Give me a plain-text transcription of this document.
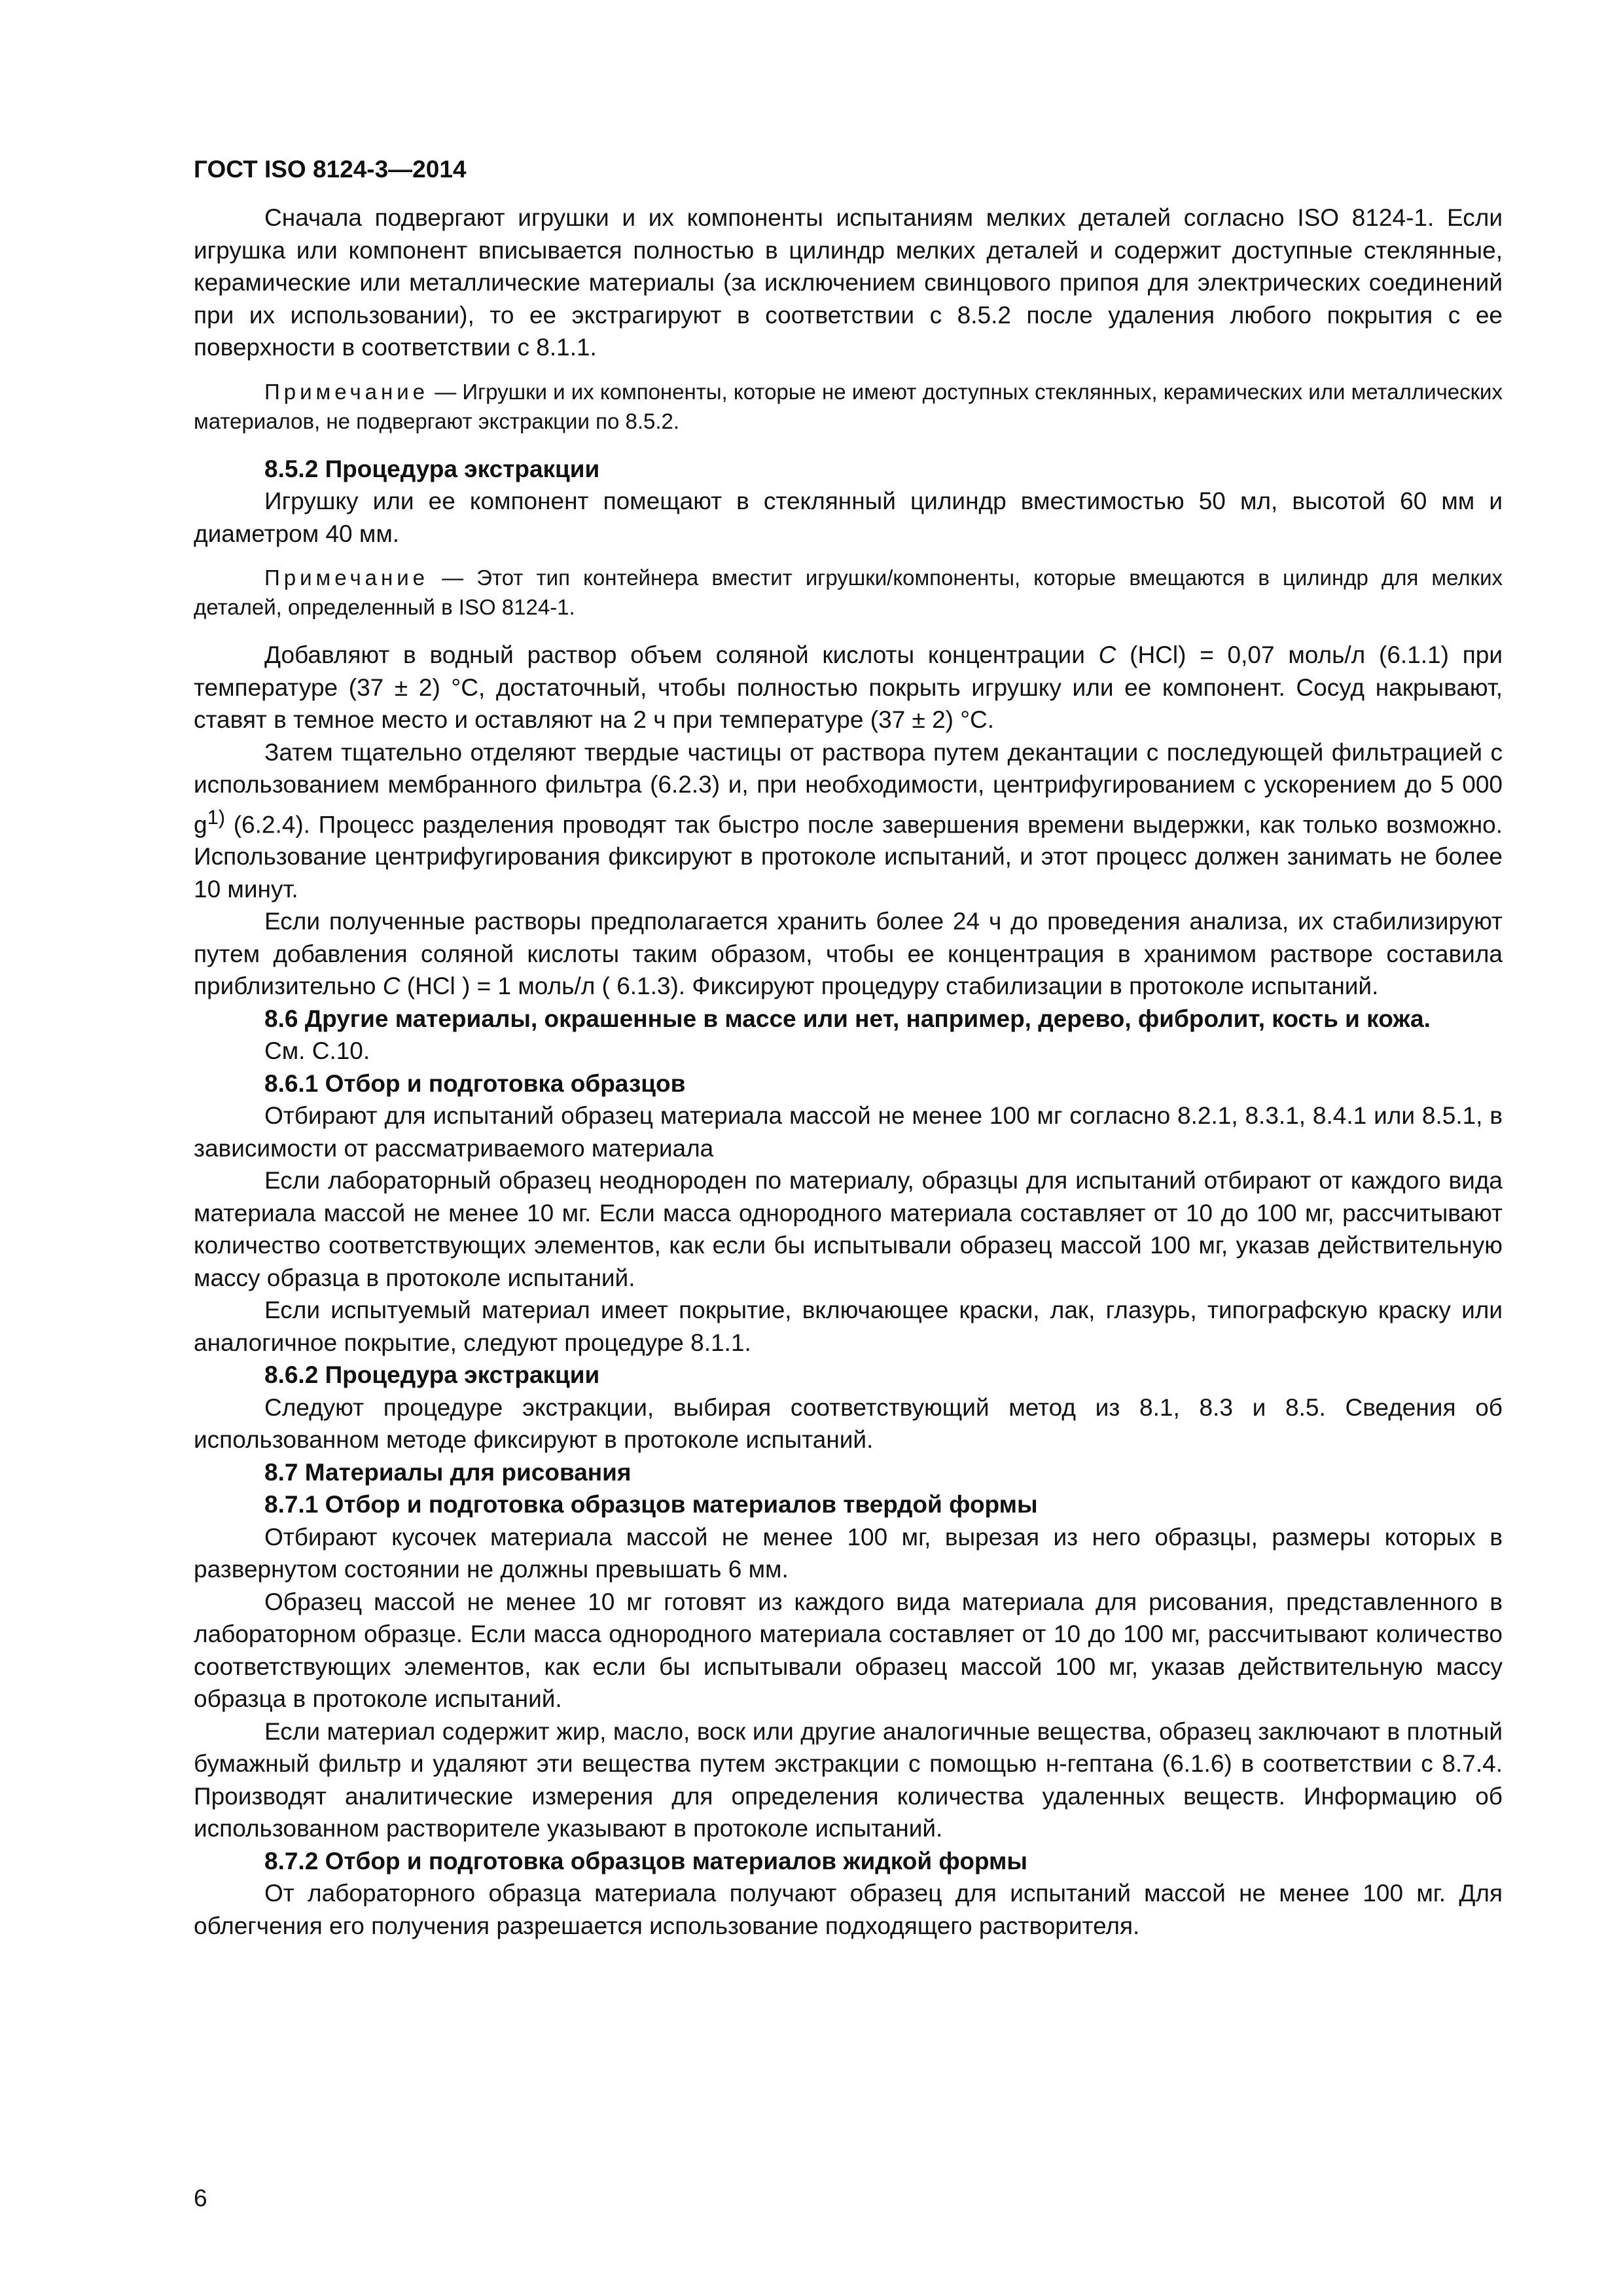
ГОСТ ISO 8124-3—2014

Сначала подвергают игрушки и их компоненты испытаниям мелких деталей согласно ISO 8124-1. Если игрушка или компонент вписывается полностью в цилиндр мелких деталей и содержит доступные стеклянные, керамические или металлические материалы (за исключением свинцового припоя для электрических соединений при их использовании), то ее экстрагируют в соответствии с 8.5.2 после удаления любого покрытия с ее поверхности в соответствии с 8.1.1.

Примечание — Игрушки и их компоненты, которые не имеют доступных стеклянных, керамических или металлических материалов, не подвергают экстракции по 8.5.2.

8.5.2 Процедура экстракции

Игрушку или ее компонент помещают в стеклянный цилиндр вместимостью 50 мл, высотой 60 мм и диаметром 40 мм.

Примечание — Этот тип контейнера вместит игрушки/компоненты, которые вмещаются в цилиндр для мелких деталей, определенный в ISO 8124-1.

Добавляют в водный раствор объем соляной кислоты концентрации C (HCl) = 0,07 моль/л (6.1.1) при температуре (37 ± 2) °С, достаточный, чтобы полностью покрыть игрушку или ее компонент. Сосуд накрывают, ставят в темное место и оставляют на 2 ч при температуре (37 ± 2) °С.

Затем тщательно отделяют твердые частицы от раствора путем декантации с последующей фильтрацией с использованием мембранного фильтра (6.2.3) и, при необходимости, центрифугированием с ускорением до 5 000 $g^{1)}$ (6.2.4). Процесс разделения проводят так быстро после завершения времени выдержки, как только возможно. Использование центрифугирования фиксируют в протоколе испытаний, и этот процесс должен занимать не более 10 минут.

Если полученные растворы предполагается хранить более 24 ч до проведения анализа, их стабилизируют путем добавления соляной кислоты таким образом, чтобы ее концентрация в хранимом растворе составила приблизительно C (HCl ) = 1 моль/л ( 6.1.3). Фиксируют процедуру стабилизации в протоколе испытаний.

8.6 Другие материалы, окрашенные в массе или нет, например, дерево, фибролит, кость и кожа.

См. С.10.

8.6.1 Отбор и подготовка образцов

Отбирают для испытаний образец материала массой не менее 100 мг согласно 8.2.1, 8.3.1, 8.4.1 или 8.5.1, в зависимости от рассматриваемого материала

Если лабораторный образец неоднороден по материалу, образцы для испытаний отбирают от каждого вида материала массой не менее 10 мг. Если масса однородного материала составляет от 10 до 100 мг, рассчитывают количество соответствующих элементов, как если бы испытывали образец массой 100 мг, указав действительную массу образца в протоколе испытаний.

Если испытуемый материал имеет покрытие, включающее краски, лак, глазурь, типографскую краску или аналогичное покрытие, следуют процедуре 8.1.1.

8.6.2 Процедура экстракции

Следуют процедуре экстракции, выбирая соответствующий метод из 8.1, 8.3 и 8.5. Сведения об использованном методе фиксируют в протоколе испытаний.

8.7 Материалы для рисования

8.7.1 Отбор и подготовка образцов материалов твердой формы

Отбирают кусочек материала массой не менее 100 мг, вырезая из него образцы, размеры которых в развернутом состоянии не должны превышать 6 мм.

Образец массой не менее 10 мг готовят из каждого вида материала для рисования, представленного в лабораторном образце. Если масса однородного материала составляет от 10 до 100 мг, рассчитывают количество соответствующих элементов, как если бы испытывали образец массой 100 мг, указав действительную массу образца в протоколе испытаний.

Если материал содержит жир, масло, воск или другие аналогичные вещества, образец заключают в плотный бумажный фильтр и удаляют эти вещества путем экстракции с помощью н-гептана (6.1.6) в соответствии с 8.7.4. Производят аналитические измерения для определения количества удаленных веществ. Информацию об использованном растворителе указывают в протоколе испытаний.

8.7.2 Отбор и подготовка образцов материалов жидкой формы

От лабораторного образца материала получают образец для испытаний массой не менее 100 мг. Для облегчения его получения разрешается использование подходящего растворителя.

6
